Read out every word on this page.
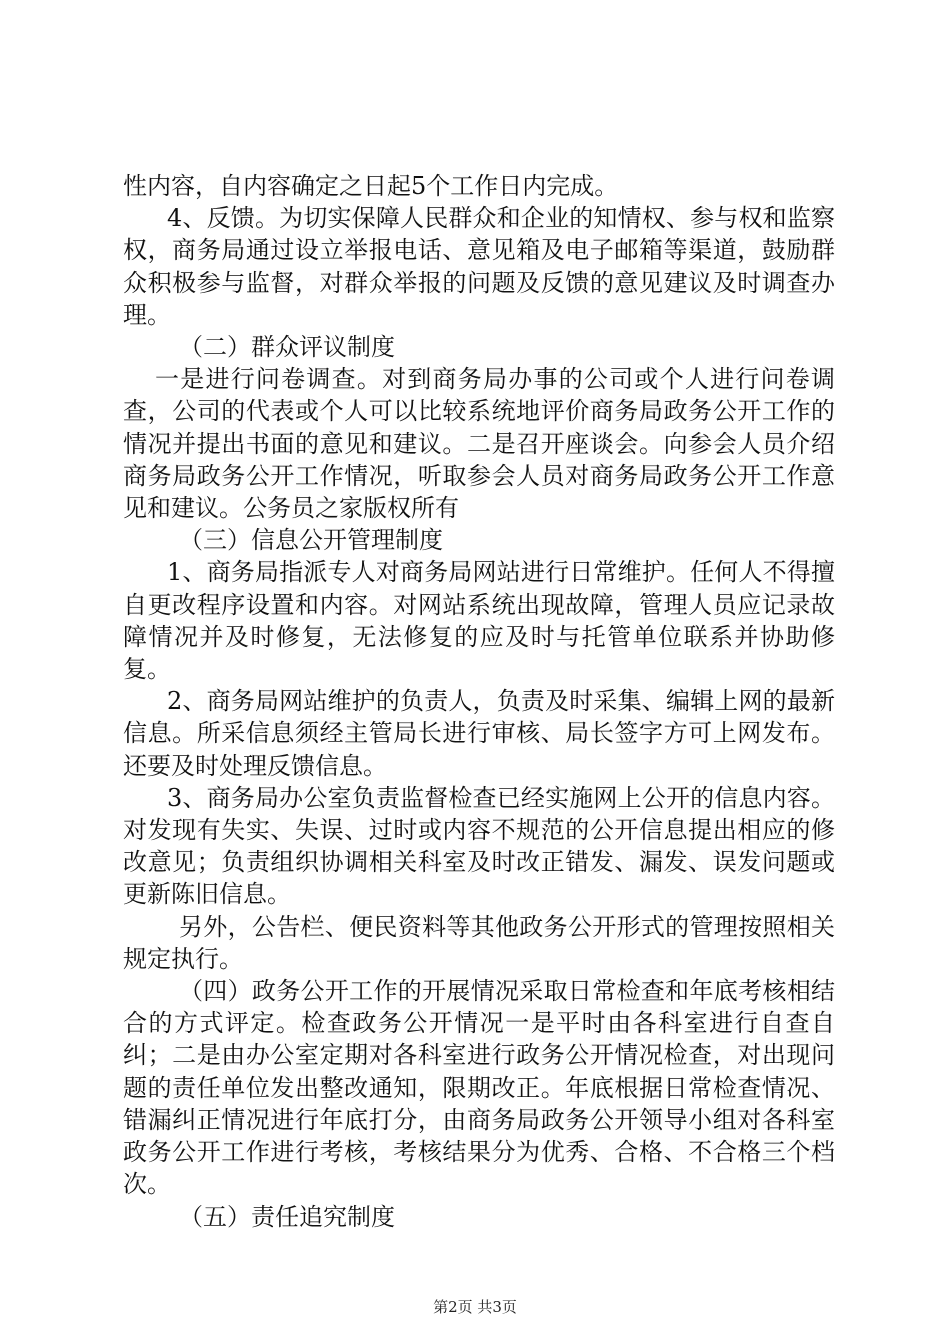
性内容，自内容确定之日起5个工作日内完成。

4、反馈。为切实保障人民群众和企业的知情权、参与权和监察权，商务局通过设立举报电话、意见箱及电子邮箱等渠道，鼓励群众积极参与监督，对群众举报的问题及反馈的意见建议及时调查办理。

（二）群众评议制度

一是进行问卷调查。对到商务局办事的公司或个人进行问卷调查，公司的代表或个人可以比较系统地评价商务局政务公开工作的情况并提出书面的意见和建议。二是召开座谈会。向参会人员介绍商务局政务公开工作情况，听取参会人员对商务局政务公开工作意见和建议。公务员之家版权所有

（三）信息公开管理制度

1、商务局指派专人对商务局网站进行日常维护。任何人不得擅自更改程序设置和内容。对网站系统出现故障，管理人员应记录故障情况并及时修复，无法修复的应及时与托管单位联系并协助修复。

2、商务局网站维护的负责人，负责及时采集、编辑上网的最新信息。所采信息须经主管局长进行审核、局长签字方可上网发布。还要及时处理反馈信息。

3、商务局办公室负责监督检查已经实施网上公开的信息内容。对发现有失实、失误、过时或内容不规范的公开信息提出相应的修改意见；负责组织协调相关科室及时改正错发、漏发、误发问题或更新陈旧信息。

另外，公告栏、便民资料等其他政务公开形式的管理按照相关规定执行。

（四）政务公开工作的开展情况采取日常检查和年底考核相结合的方式评定。检查政务公开情况一是平时由各科室进行自查自纠；二是由办公室定期对各科室进行政务公开情况检查，对出现问题的责任单位发出整改通知，限期改正。年底根据日常检查情况、错漏纠正情况进行年底打分，由商务局政务公开领导小组对各科室政务公开工作进行考核，考核结果分为优秀、合格、不合格三个档次。

（五）责任追究制度

第2页 共3页
